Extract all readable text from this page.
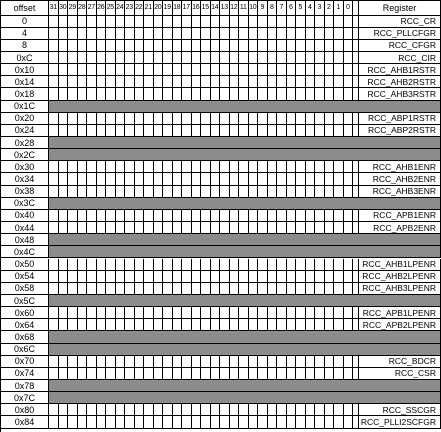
offset	31 30 29 28 27 26 25 24 23 22 21 20 19 18 17 16 15 14 13 12 11 10 9 8 7 6 5 4 3 2 1 0	Register
0	RCC_CR
4	RCC_PLLCFGR
8	RCC_CFGR
0xC	RCC_CIR
0x10	RCC_AHB1RSTR
0x14	RCC_AHB2RSTR
0x18	RCC_AHB3RSTR
0x1C
0x20	RCC_ABP1RSTR
0x24	RCC_ABP2RSTR
0x28
0x2C
0x30	RCC_AHB1ENR
0x34	RCC_AHB2ENR
0x38	RCC_AHB3ENR
0x3C
0x40	RCC_APB1ENR
0x44	RCC_APB2ENR
0x48
0x4C
0x50	RCC_AHB1LPENR
0x54	RCC_AHB2LPENR
0x58	RCC_AHB3LPENR
0x5C
0x60	RCC_APB1LPENR
0x64	RCC_APB2LPENR
0x68
0x6C
0x70	RCC_BDCR
0x74	RCC_CSR
0x78
0x7C
0x80	RCC_SSCGR
0x84	RCC_PLLI2SCFGR
